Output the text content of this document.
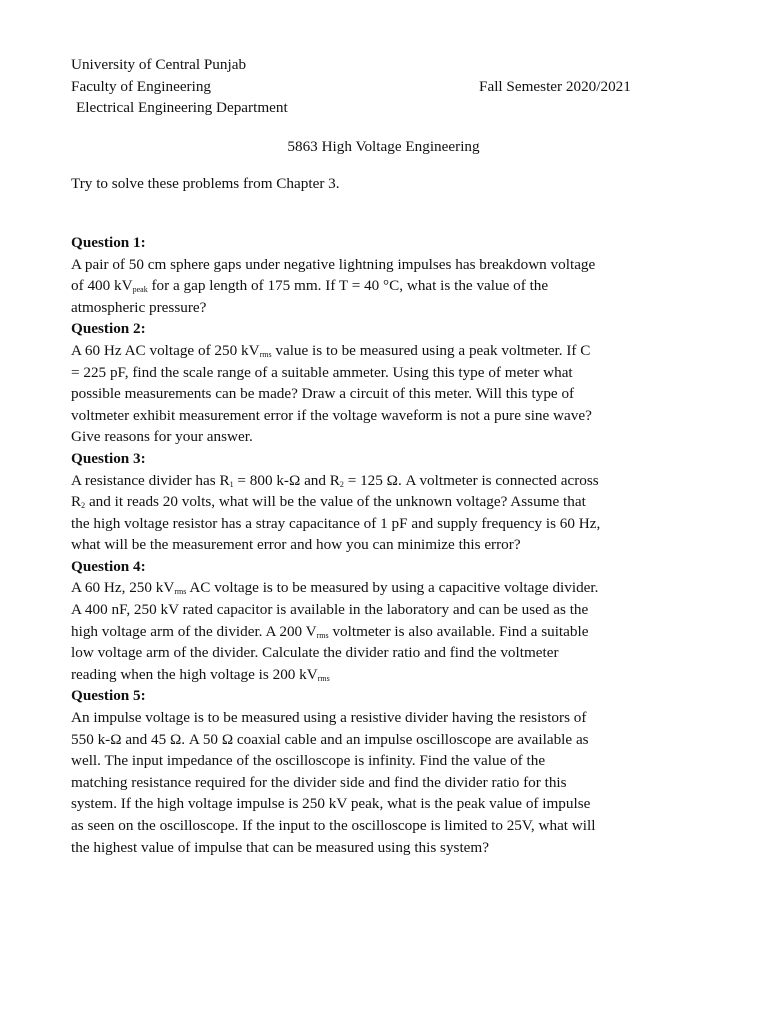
University of Central Punjab
Faculty of Engineering	Fall Semester 2020/2021
Electrical Engineering Department
5863 High Voltage Engineering
Try to solve these problems from Chapter 3.
Question 1:
A pair of 50 cm sphere gaps under negative lightning impulses has breakdown voltage
of 400 $kV_{peak}$ for a gap length of 175 mm. If T = 40 °C, what is the value of the
atmospheric pressure?
Question 2:
A 60 Hz AC voltage of 250 $kV_{rms}$ value is to be measured using a peak voltmeter. If C
= 225 pF, find the scale range of a suitable ammeter. Using this type of meter what
possible measurements can be made? Draw a circuit of this meter. Will this type of
voltmeter exhibit measurement error if the voltage waveform is not a pure sine wave?
Give reasons for your answer.
Question 3:
A resistance divider has $R_1 = 800$ k-Ω and $R_2 = 125$ Ω. A voltmeter is connected across
$R_2$ and it reads 20 volts, what will be the value of the unknown voltage? Assume that
the high voltage resistor has a stray capacitance of 1 pF and supply frequency is 60 Hz,
what will be the measurement error and how you can minimize this error?
Question 4:
A 60 Hz, 250 $kV_{rms}$ AC voltage is to be measured by using a capacitive voltage divider.
A 400 nF, 250 kV rated capacitor is available in the laboratory and can be used as the
high voltage arm of the divider. A 200 $V_{rms}$ voltmeter is also available. Find a suitable
low voltage arm of the divider. Calculate the divider ratio and find the voltmeter
reading when the high voltage is 200 $kV_{rms}$
Question 5:
An impulse voltage is to be measured using a resistive divider having the resistors of
550 k-Ω and 45 Ω. A 50 Ω coaxial cable and an impulse oscilloscope are available as
well. The input impedance of the oscilloscope is infinity. Find the value of the
matching resistance required for the divider side and find the divider ratio for this
system. If the high voltage impulse is 250 kV peak, what is the peak value of impulse
as seen on the oscilloscope. If the input to the oscilloscope is limited to 25V, what will
the highest value of impulse that can be measured using this system?
